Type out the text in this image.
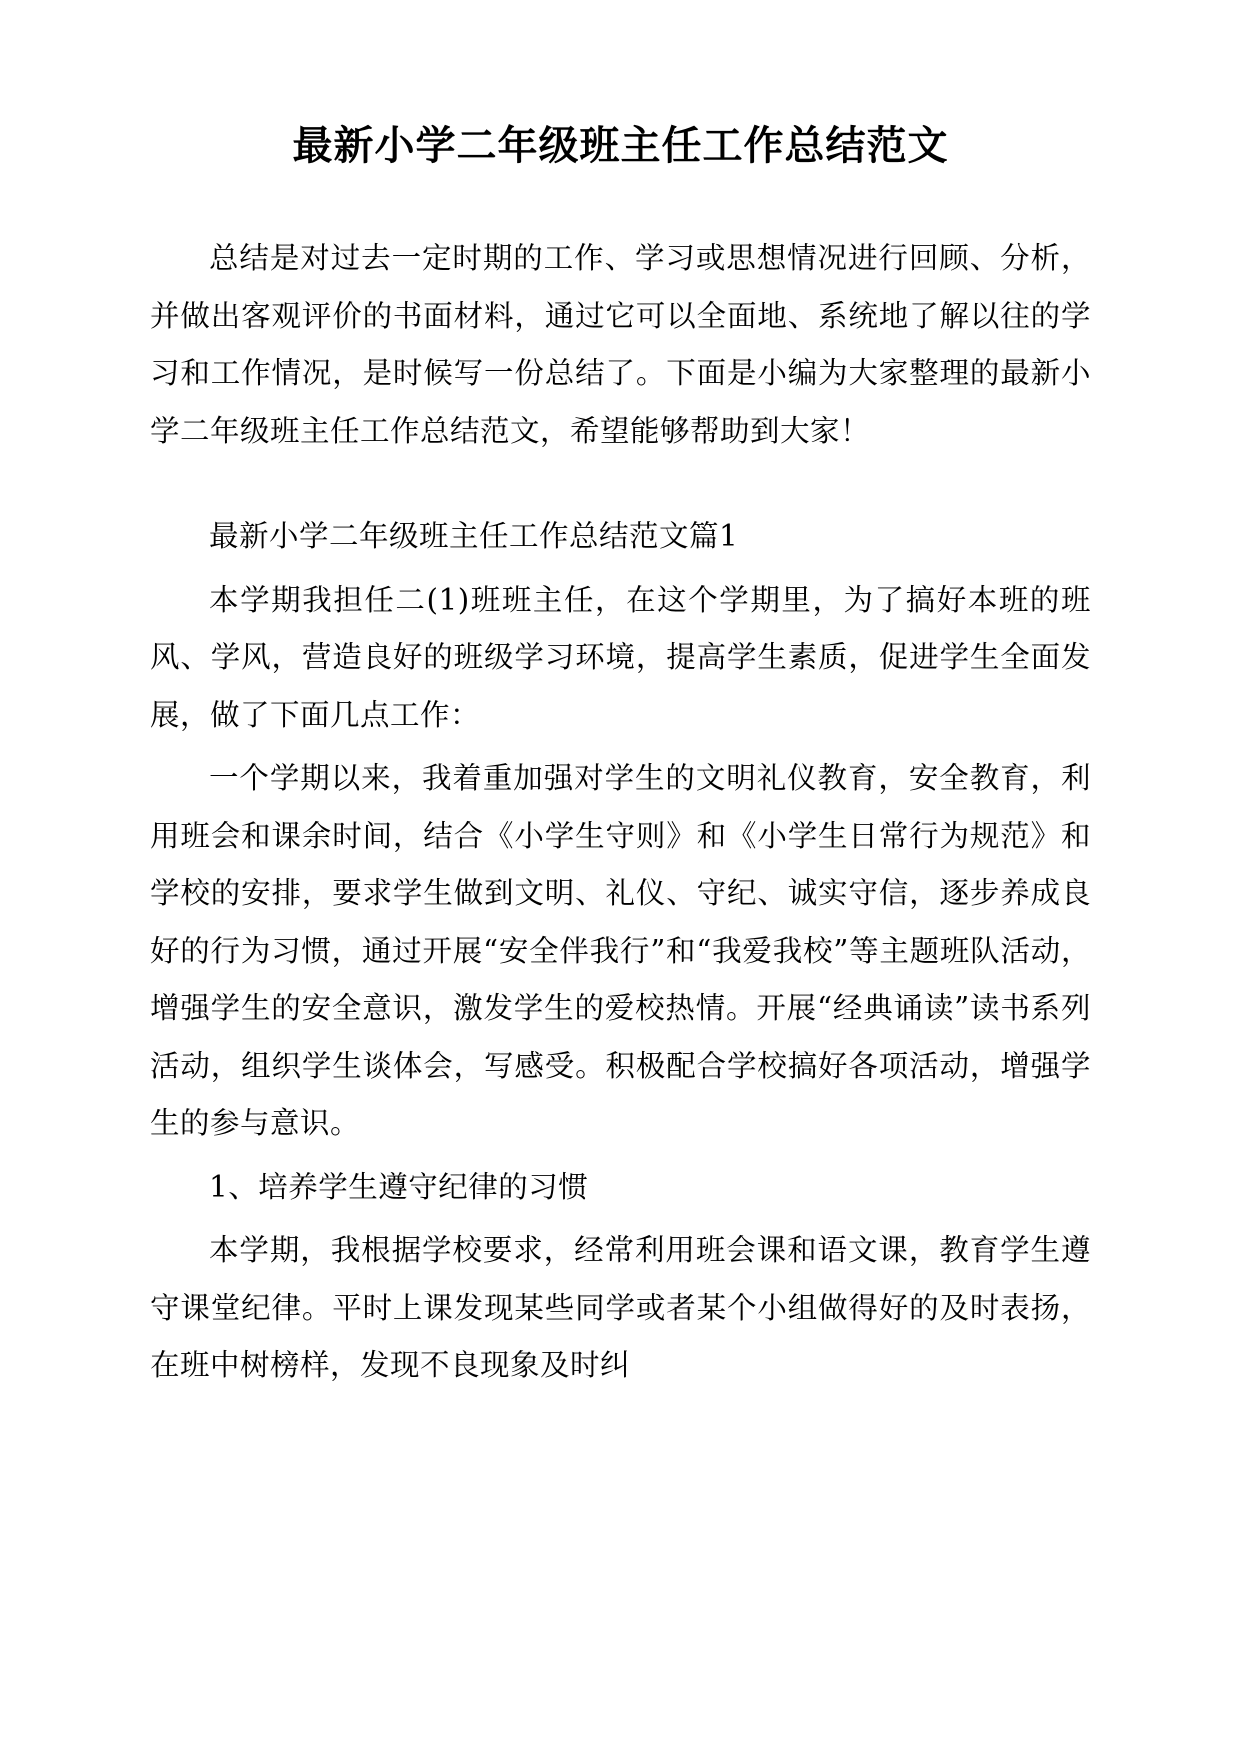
最新小学二年级班主任工作总结范文

总结是对过去一定时期的工作、学习或思想情况进行回顾、分析，并做出客观评价的书面材料，通过它可以全面地、系统地了解以往的学习和工作情况，是时候写一份总结了。下面是小编为大家整理的最新小学二年级班主任工作总结范文，希望能够帮助到大家！

最新小学二年级班主任工作总结范文篇1

本学期我担任二(1)班班主任，在这个学期里，为了搞好本班的班风、学风，营造良好的班级学习环境，提高学生素质，促进学生全面发展，做了下面几点工作：

一个学期以来，我着重加强对学生的文明礼仪教育，安全教育，利用班会和课余时间，结合《小学生守则》和《小学生日常行为规范》和学校的安排，要求学生做到文明、礼仪、守纪、诚实守信，逐步养成良好的行为习惯，通过开展“安全伴我行”和“我爱我校”等主题班队活动，增强学生的安全意识，激发学生的爱校热情。开展“经典诵读”读书系列活动，组织学生谈体会，写感受。积极配合学校搞好各项活动，增强学生的参与意识。

1、培养学生遵守纪律的习惯

本学期，我根据学校要求，经常利用班会课和语文课，教育学生遵守课堂纪律。平时上课发现某些同学或者某个小组做得好的及时表扬，在班中树榜样，发现不良现象及时纠
